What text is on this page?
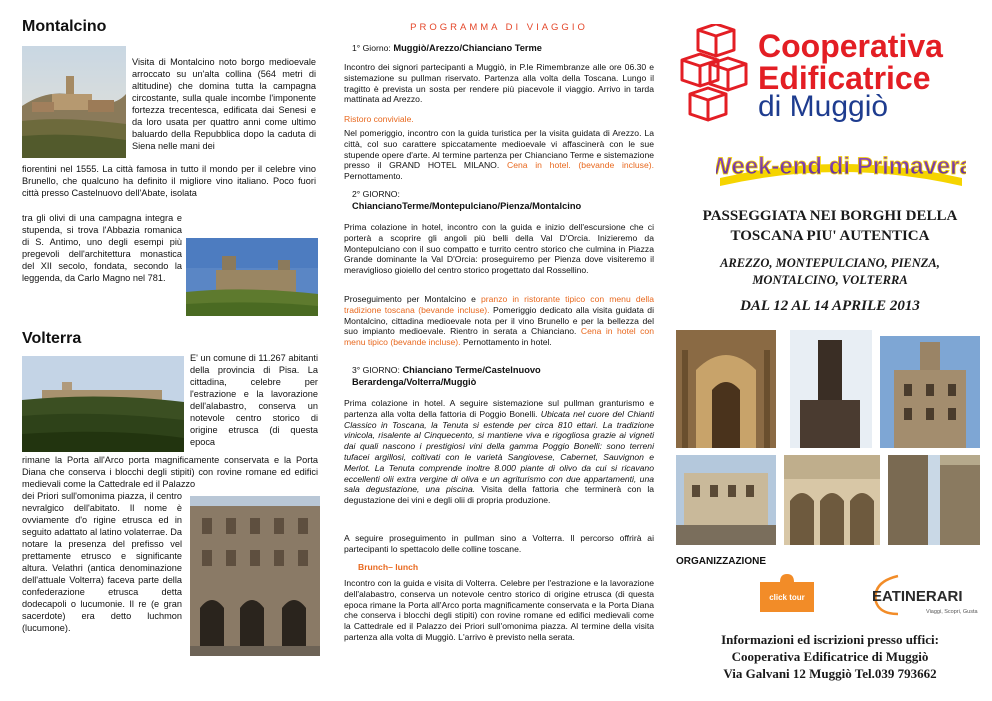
Montalcino
Visita di Montalcino noto borgo medioevale arroccato su un'alta collina (564 metri di altitudine) che domina tutta la campagna circostante, sulla quale incombe l'imponente fortezza trecentesca, edificata dai Senesi e da loro usata per quattro anni come ultimo baluardo della Repubblica dopo la caduta di Siena nelle mani dei
fiorentini nel 1555. La città famosa in tutto il mondo per il celebre vino Brunello, che qualcuno ha definito il migliore vino italiano. Poco fuori città presso Castelnuovo dell'Abate, isolata
tra gli olivi di una campagna integra e stupenda, si trova l'Abbazia romanica di S. Antimo, uno degli esempi più pregevoli dell'architettura monastica del XII secolo, fondata, secondo la leggenda, da Carlo Magno nel 781.
Volterra
E' un comune di 11.267 abitanti della provincia di Pisa. La cittadina, celebre per l'estrazione e la lavorazione dell'alabastro, conserva un notevole centro storico di origine etrusca (di questa epoca
rimane la Porta all'Arco porta magnificamente conservata e la Porta Diana che conserva i blocchi degli stipiti) con rovine romane ed edifici medievali come la Cattedrale ed il Palazzo
dei Priori sull'omonima piazza, il centro nevralgico dell'abitato. Il nome è ovviamente d'o rigine etrusca ed in seguito adattato al latino volaterrae. Da notare la presenza del prefisso vel prettamente etrusco e significante altura. Velathri (antica denominazione dell'attuale Volterra) faceva parte della confederazione etrusca detta dodecapoli o lucumonie. Il re (e gran sacerdote) era detto luchmon (lucumone).
PROGRAMMA DI VIAGGIO
1° Giorno: Muggiò/Arezzo/Chianciano Terme
Incontro dei signori partecipanti a Muggiò, in P.le Rimembranze alle ore 06.30 e sistemazione su pullman riservato. Partenza alla volta della Toscana. Lungo il tragitto è prevista un sosta per rendere più piacevole il viaggio. Arrivo in tarda mattinata ad Arezzo.
Ristoro conviviale.
Nel pomeriggio, incontro con la guida turistica per la visita guidata di Arezzo. La città, col suo carattere spiccatamente medioevale vi affascinerà con le sue stupende opere d'arte. Al termine partenza per Chianciano Terme e sistemazione presso il GRAND HOTEL MILANO. Cena in hotel. (bevande incluse). Pernottamento.
2° GIORNO:
ChiancianoTerme/Montepulciano/Pienza/Montalcino
Prima colazione in hotel, incontro con la guida e inizio dell'escursione che ci porterà a scoprire gli angoli più belli della Val D'Orcia. Inizieremo da Montepulciano con il suo compatto e turrito centro storico che culmina in Piazza Grande dominante la Val D'Orcia: proseguiremo per Pienza dove visiteremo il meraviglioso gioiello del centro storico progettato dal Rossellino.
Proseguimento per Montalcino e pranzo in ristorante tipico con menu della tradizione toscana (bevande incluse). Pomeriggio dedicato alla visita guidata di Montalcino, cittadina medioevale nota per il vino Brunello e per la bellezza del suo impianto medioevale. Rientro in serata a Chianciano. Cena in hotel con menu tipico (bevande incluse). Pernottamento in hotel.
3° GIORNO: Chianciano Terme/Castelnuovo
Berardenga/Volterra/Muggiò
Prima colazione in hotel. A seguire sistemazione sul pullman granturismo e partenza alla volta della fattoria di Poggio Bonelli. Ubicata nel cuore del Chianti Classico in Toscana, la Tenuta si estende per circa 810 ettari. La tradizione vinicola, risalente al Cinquecento, si mantiene viva e rigogliosa grazie ai vigneti dai quali nascono i prestigiosi vini della gamma Poggio Bonelli: sono terreni tufacei argillosi, coltivati con le varietà Sangiovese, Cabernet, Sauvignon e Merlot. La Tenuta comprende inoltre 8.000 piante di olivo da cui si ricavano eccellenti olii extra vergine di oliva e un agriturismo con due appartamenti, una sala degustazione, una piscina. Visita della fattoria che terminerà con la degustazione dei vini e degli olii di propria produzione.
A seguire proseguimento in pullman sino a Volterra. Il percorso offrirà ai partecipanti lo spettacolo delle colline toscane.
Brunch– lunch
Incontro con la guida e visita di Volterra. Celebre per l'estrazione e la lavorazione dell'alabastro, conserva un notevole centro storico di origine etrusca (di questa epoca rimane la Porta all'Arco porta magnificamente conservata e la Porta Diana che conserva i blocchi degli stipiti) con rovine romane ed edifici medievali come la Cattedrale ed il Palazzo dei Priori sull'omonima piazza. Al termine della visita partenza alla volta di Muggiò. L'arrivo è previsto nella serata.
Cooperativa
Edificatrice
di Muggiò
Week-end di Primavera
PASSEGGIATA NEI BORGHI DELLA
TOSCANA PIU' AUTENTICA
AREZZO, MONTEPULCIANO, PIENZA,
MONTALCINO, VOLTERRA
DAL 12 AL 14 APRILE 2013
ORGANIZZAZIONE
click tour	EATINERARI
Viaggi, Scopri, Gusta
Informazioni ed iscrizioni presso uffici:
Cooperativa Edificatrice di Muggiò
Via Galvani 12 Muggiò Tel.039 793662
